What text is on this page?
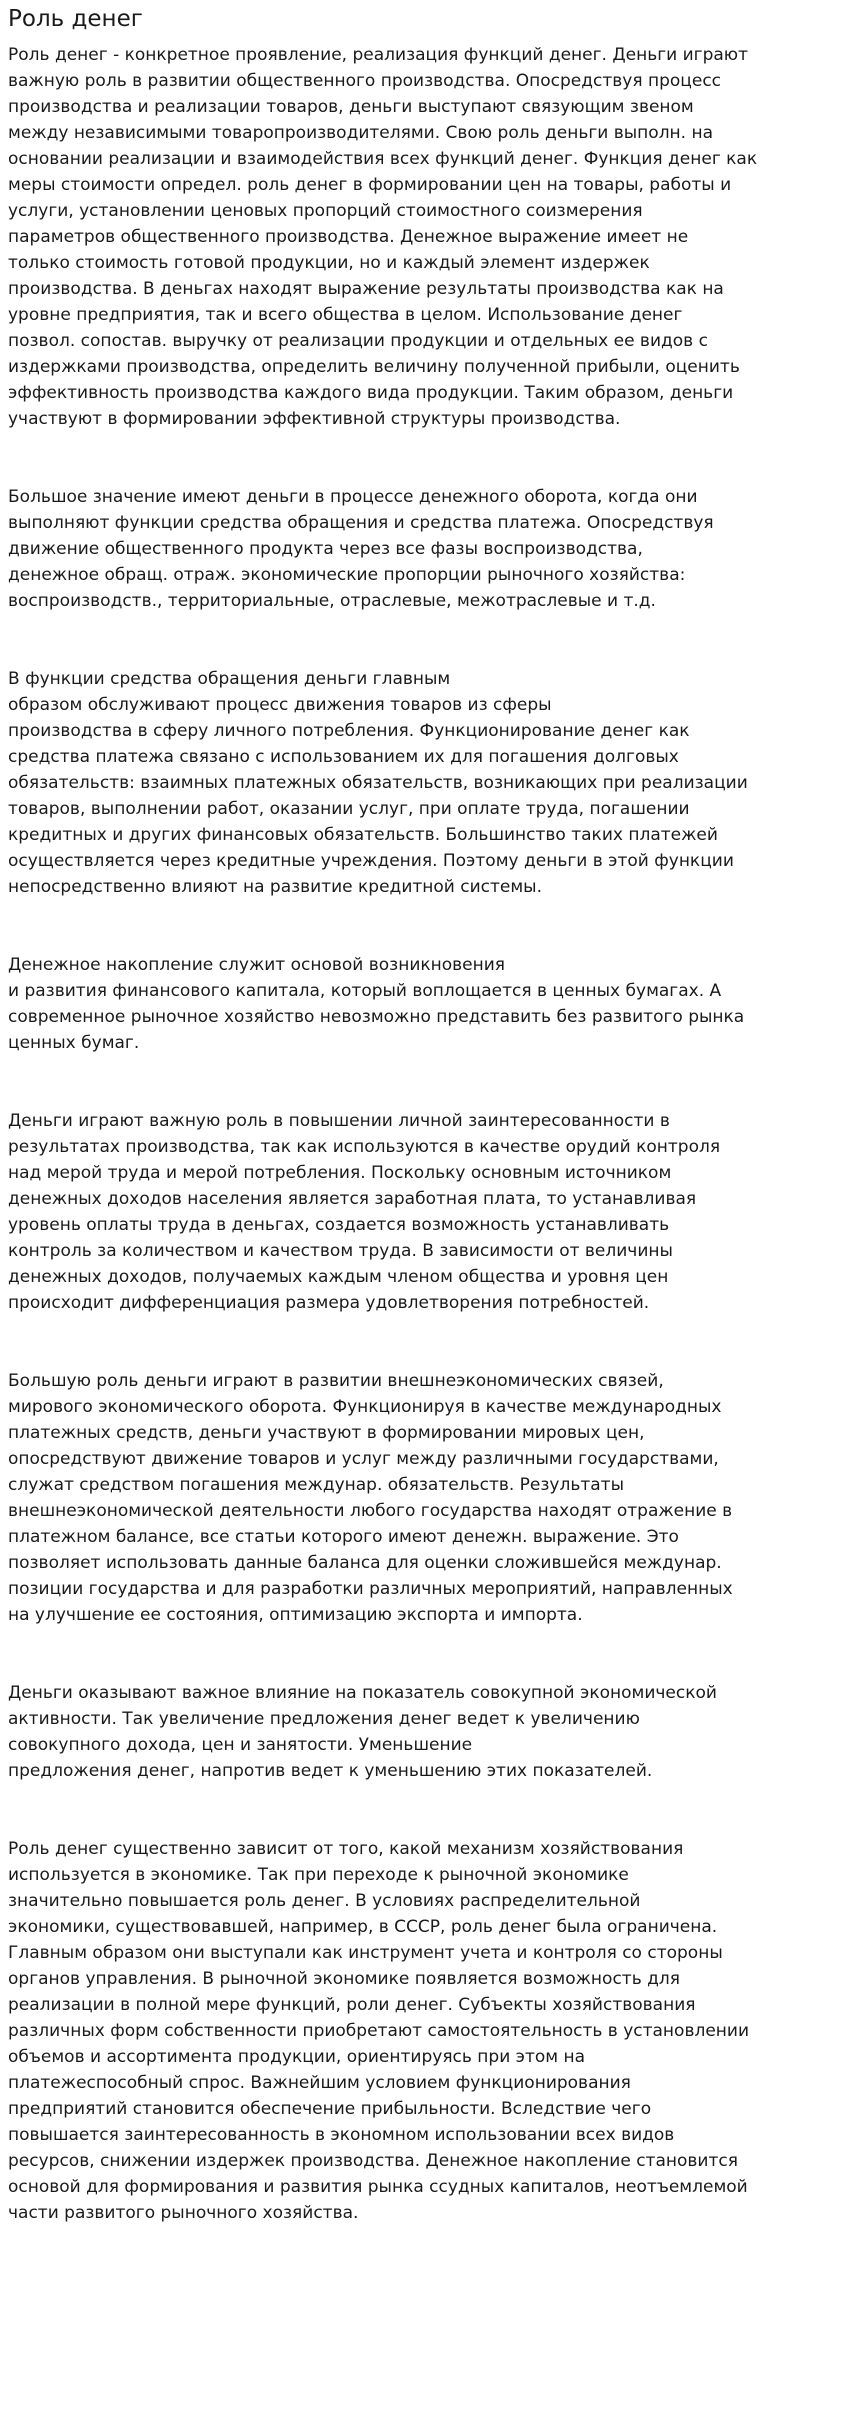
Роль денег

Роль денег - конкретное проявление, реализация функций денег. Деньги играют
важную роль в развитии общественного производства. Опосредствуя процесс
производства и реализации товаров, деньги выступают связующим звеном
между независимыми товаропроизводителями. Свою роль деньги выполн. на
основании реализации и взаимодействия всех функций денег. Функция денег как
меры стоимости определ. роль денег в формировании цен на товары, работы и
услуги, установлении ценовых пропорций стоимостного соизмерения
параметров общественного производства. Денежное выражение имеет не
только стоимость готовой продукции, но и каждый элемент издержек
производства. В деньгах находят выражение результаты производства как на
уровне предприятия, так и всего общества в целом. Использование денег
позвол. сопостав. выручку от реализации продукции и отдельных ее видов с
издержками производства, определить величину полученной прибыли, оценить
эффективность производства каждого вида продукции. Таким образом, деньги
участвуют в формировании эффективной структуры производства.

Большое значение имеют деньги в процессе денежного оборота, когда они
выполняют функции средства обращения и средства платежа. Опосредствуя
движение общественного продукта через все фазы воспроизводства,
денежное обращ. отраж. экономические пропорции рыночного хозяйства:
воспроизводств., территориальные, отраслевые, межотраслевые и т.д.

В функции средства обращения деньги главным
образом обслуживают процесс движения товаров из сферы
производства в сферу личного потребления. Функционирование денег как
средства платежа связано с использованием их для погашения долговых
обязательств: взаимных платежных обязательств, возникающих при реализации
товаров, выполнении работ, оказании услуг, при оплате труда, погашении
кредитных и других финансовых обязательств. Большинство таких платежей
осуществляется через кредитные учреждения. Поэтому деньги в этой функции
непосредственно влияют на развитие кредитной системы.

Денежное накопление служит основой возникновения
и развития финансового капитала, который воплощается в ценных бумагах. А
современное рыночное хозяйство невозможно представить без развитого рынка
ценных бумаг.

Деньги играют важную роль в повышении личной заинтересованности в
результатах производства, так как используются в качестве орудий контроля
над мерой труда и мерой потребления. Поскольку основным источником
денежных доходов населения является заработная плата, то устанавливая
уровень оплаты труда в деньгах, создается возможность устанавливать
контроль за количеством и качеством труда. В зависимости от величины
денежных доходов, получаемых каждым членом общества и уровня цен
происходит дифференциация размера удовлетворения потребностей.

Большую роль деньги играют в развитии внешнеэкономических связей,
мирового экономического оборота. Функционируя в качестве международных
платежных средств, деньги участвуют в формировании мировых цен,
опосредствуют движение товаров и услуг между различными государствами,
служат средством погашения междунар. обязательств. Результаты
внешнеэкономической деятельности любого государства находят отражение в
платежном балансе, все статьи которого имеют денежн. выражение. Это
позволяет использовать данные баланса для оценки сложившейся междунар.
позиции государства и для разработки различных мероприятий, направленных
на улучшение ее состояния, оптимизацию экспорта и импорта.

Деньги оказывают важное влияние на показатель совокупной экономической
активности. Так увеличение предложения денег ведет к увеличению
совокупного дохода, цен и занятости. Уменьшение
предложения денег, напротив ведет к уменьшению этих показателей.

Роль денег существенно зависит от того, какой механизм хозяйствования
используется в экономике. Так при переходе к рыночной экономике
значительно повышается роль денег. В условиях распределительной
экономики, существовавшей, например, в СССР, роль денег была ограничена.
Главным образом они выступали как инструмент учета и контроля со стороны
органов управления. В рыночной экономике появляется возможность для
реализации в полной мере функций, роли денег. Субъекты хозяйствования
различных форм собственности приобретают самостоятельность в установлении
объемов и ассортимента продукции, ориентируясь при этом на
платежеспособный спрос. Важнейшим условием функционирования
предприятий становится обеспечение прибыльности. Вследствие чего
повышается заинтересованность в экономном использовании всех видов
ресурсов, снижении издержек производства. Денежное накопление становится
основой для формирования и развития рынка ссудных капиталов, неотъемлемой
части развитого рыночного хозяйства.
